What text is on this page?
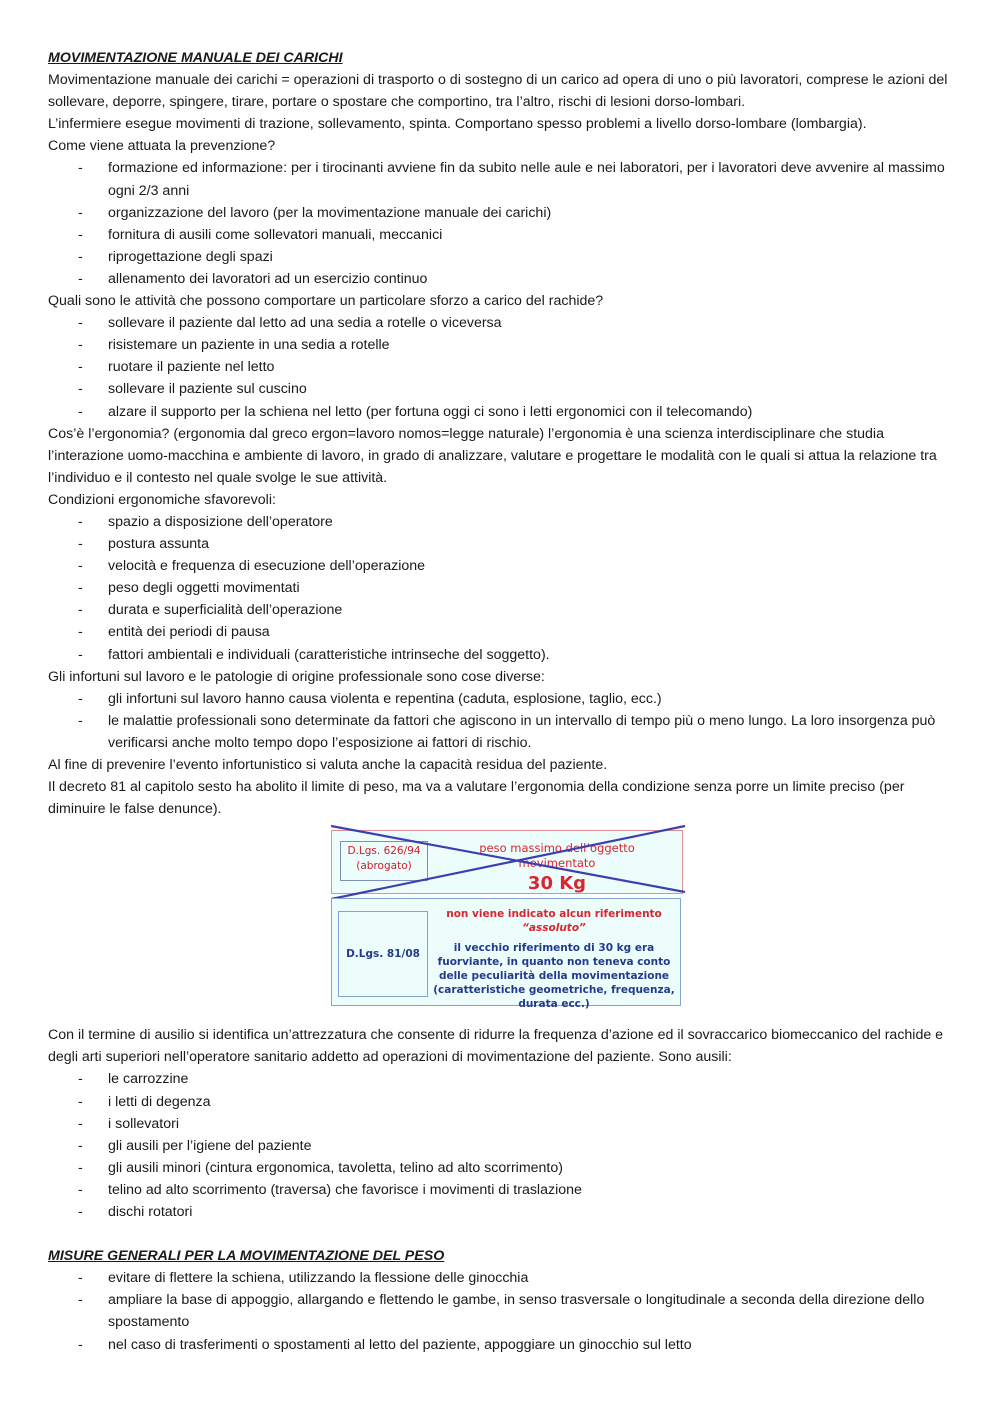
MOVIMENTAZIONE MANUALE DEI CARICHI

Movimentazione manuale dei carichi = operazioni di trasporto o di sostegno di un carico ad opera di uno o più lavoratori, comprese le azioni del sollevare, deporre, spingere, tirare, portare o spostare che comportino, tra l’altro, rischi di lesioni dorso-lombari.

L’infermiere esegue movimenti di trazione, sollevamento, spinta. Comportano spesso problemi a livello dorso-lombare (lombargia).

Come viene attuata la prevenzione?

- formazione ed informazione: per i tirocinanti avviene fin da subito nelle aule e nei laboratori, per i lavoratori deve avvenire al massimo ogni 2/3 anni
- organizzazione del lavoro (per la movimentazione manuale dei carichi)
- fornitura di ausili come sollevatori manuali, meccanici
- riprogettazione degli spazi
- allenamento dei lavoratori ad un esercizio continuo

Quali sono le attività che possono comportare un particolare sforzo a carico del rachide?

- sollevare il paziente dal letto ad una sedia a rotelle o viceversa
- risistemare un paziente in una sedia a rotelle
- ruotare il paziente nel letto
- sollevare il paziente sul cuscino
- alzare il supporto per la schiena nel letto (per fortuna oggi ci sono i letti ergonomici con il telecomando)

Cos’è l’ergonomia? (ergonomia dal greco ergon=lavoro nomos=legge naturale) l’ergonomia è una scienza interdisciplinare che studia l’interazione uomo-macchina e ambiente di lavoro, in grado di analizzare, valutare e progettare le modalità con le quali si attua la relazione tra l’individuo e il contesto nel quale svolge le sue attività.

Condizioni ergonomiche sfavorevoli:

- spazio a disposizione dell’operatore
- postura assunta
- velocità e frequenza di esecuzione dell’operazione
- peso degli oggetti movimentati
- durata e superficialità dell’operazione
- entità dei periodi di pausa
- fattori ambientali e individuali (caratteristiche intrinseche del soggetto).

Gli infortuni sul lavoro e le patologie di origine professionale sono cose diverse:

- gli infortuni sul lavoro hanno causa violenta e repentina (caduta, esplosione, taglio, ecc.)
- le malattie professionali sono determinate da fattori che agiscono in un intervallo di tempo più o meno lungo. La loro insorgenza può verificarsi anche molto tempo dopo l’esposizione ai fattori di rischio.

Al fine di prevenire l’evento infortunistico si valuta anche la capacità residua del paziente.

Il decreto 81 al capitolo sesto ha abolito il limite di peso, ma va a valutare l’ergonomia della condizione senza porre un limite preciso (per diminuire le false denunce).

D.Lgs. 626/94
(abrogato)
peso massimo dell’oggetto movimentato
30 Kg
D.Lgs. 81/08
non viene indicato alcun riferimento
“assoluto”
il vecchio riferimento di 30 kg era fuorviante, in quanto non teneva conto delle peculiarità della movimentazione (caratteristiche geometriche, frequenza, durata ecc.)

Con il termine di ausilio si identifica un’attrezzatura che consente di ridurre la frequenza d’azione ed il sovraccarico biomeccanico del rachide e degli arti superiori nell’operatore sanitario addetto ad operazioni di movimentazione del paziente. Sono ausili:

- le carrozzine
- i letti di degenza
- i sollevatori
- gli ausili per l’igiene del paziente
- gli ausili minori (cintura ergonomica, tavoletta, telino ad alto scorrimento)
- telino ad alto scorrimento (traversa) che favorisce i movimenti di traslazione
- dischi rotatori

MISURE GENERALI PER LA MOVIMENTAZIONE DEL PESO

- evitare di flettere la schiena, utilizzando la flessione delle ginocchia
- ampliare la base di appoggio, allargando e flettendo le gambe, in senso trasversale o longitudinale a seconda della direzione dello spostamento
- nel caso di trasferimenti o spostamenti al letto del paziente, appoggiare un ginocchio sul letto
